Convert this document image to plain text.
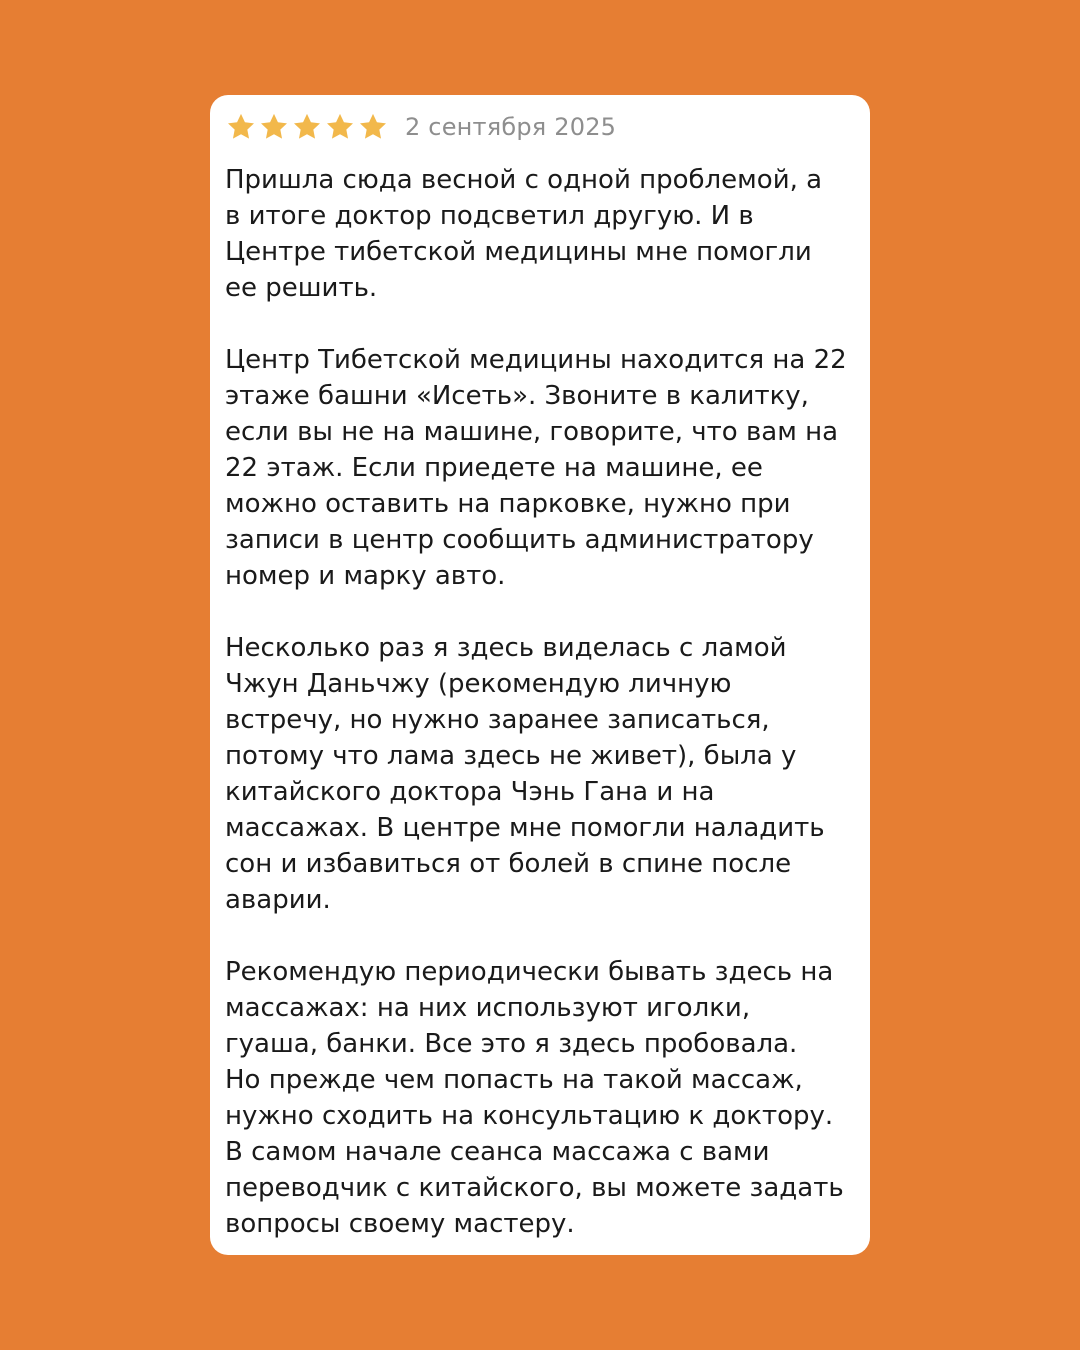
2 сентября 2025

Пришла сюда весной с одной проблемой, а
в итоге доктор подсветил другую. И в
Центре тибетской медицины мне помогли
ее решить.

Центр Тибетской медицины находится на 22
этаже башни «Исеть». Звоните в калитку,
если вы не на машине, говорите, что вам на
22 этаж. Если приедете на машине, ее
можно оставить на парковке, нужно при
записи в центр сообщить администратору
номер и марку авто.

Несколько раз я здесь виделась с ламой
Чжун Даньчжу (рекомендую личную
встречу, но нужно заранее записаться,
потому что лама здесь не живет), была у
китайского доктора Чэнь Гана и на
массажах. В центре мне помогли наладить
сон и избавиться от болей в спине после
аварии.

Рекомендую периодически бывать здесь на
массажах: на них используют иголки,
гуаша, банки. Все это я здесь пробовала.
Но прежде чем попасть на такой массаж,
нужно сходить на консультацию к доктору.
В самом начале сеанса массажа с вами
переводчик с китайского, вы можете задать
вопросы своему мастеру.
